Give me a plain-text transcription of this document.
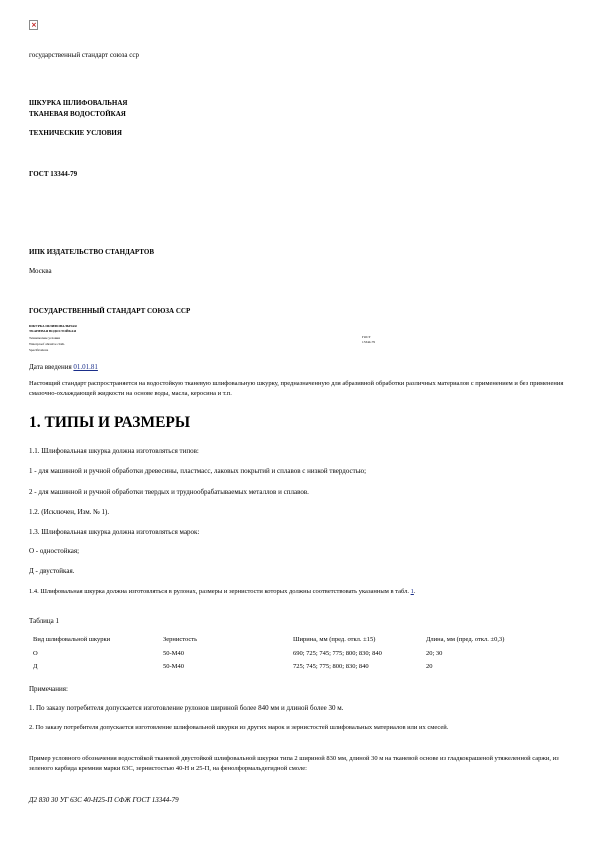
×
государственный стандарт союза сср
ШКУРКА ШЛИФОВАЛЬНАЯ
ТКАНЕВАЯ ВОДОСТОЙКАЯ
ТЕХНИЧЕСКИЕ УСЛОВИЯ
ГОСТ 13344-79
ИПК ИЗДАТЕЛЬСТВО СТАНДАРТОВ
Москва
ГОСУДАРСТВЕННЫЙ СТАНДАРТ СОЮЗА ССР
ШКУРКА ШЛИФОВАЛЬНАЯ
ТКАНЕВАЯ ВОДОСТОЙКАЯ
Технические условия
Waterproof abrasive cloth.
Specifications
ГОСТ
13344-79
Дата введения 01.01.81
Настоящий стандарт распространяется на водостойкую тканевую шлифовальную шкурку, предназначенную для абразивной обработки различных материалов с применением и без применения смазочно-охлаждающей жидкости на основе воды, масла, керосина и т.п.
1. ТИПЫ И РАЗМЕРЫ
1.1. Шлифовальная шкурка должна изготовляться типов:
1 - для машинной и ручной обработки древесины, пластмасс, лаковых покрытий и сплавов с низкой твердостью;
2 - для машинной и ручной обработки твердых и труднообрабатываемых металлов и сплавов.
1.2. (Исключен, Изм. № 1).
1.3. Шлифовальная шкурка должна изготовляться марок:
О - одностойкая;
Д - двустойкая.
1.4. Шлифовальная шкурка должна изготовляться в рулонах, размеры и зернистости которых должны соответствовать указанным в табл. 1.
Таблица 1
Вид шлифовальной шкурки	Зернистость	Ширина, мм (пред. откл. ±15)	Длина, мм (пред. откл. ±0,3)
О	50-М40	690; 725; 745; 775; 800; 830; 840	20; 30
Д	50-М40	725; 745; 775; 800; 830; 840	20
Примечания:
1. По заказу потребителя допускается изготовление рулонов шириной более 840 мм и длиной более 30 м.
2. По заказу потребителя допускается изготовление шлифовальной шкурки из других марок и зернистостей шлифовальных материалов или их смесей.
Пример условного обозначения водостойкой тканевой двустойкой шлифовальной шкурки типа 2 шириной 830 мм, длиной 30 м на тканевой основе из гладкокрашеной утяжеленной саржи, из зеленого карбида кремния марки 63С, зернистостью 40-Н и 25-П, на фенолформальдегидной смоле:
Д2 830 30 УГ 63С 40-Н25-П СФЖ ГОСТ 13344-79
